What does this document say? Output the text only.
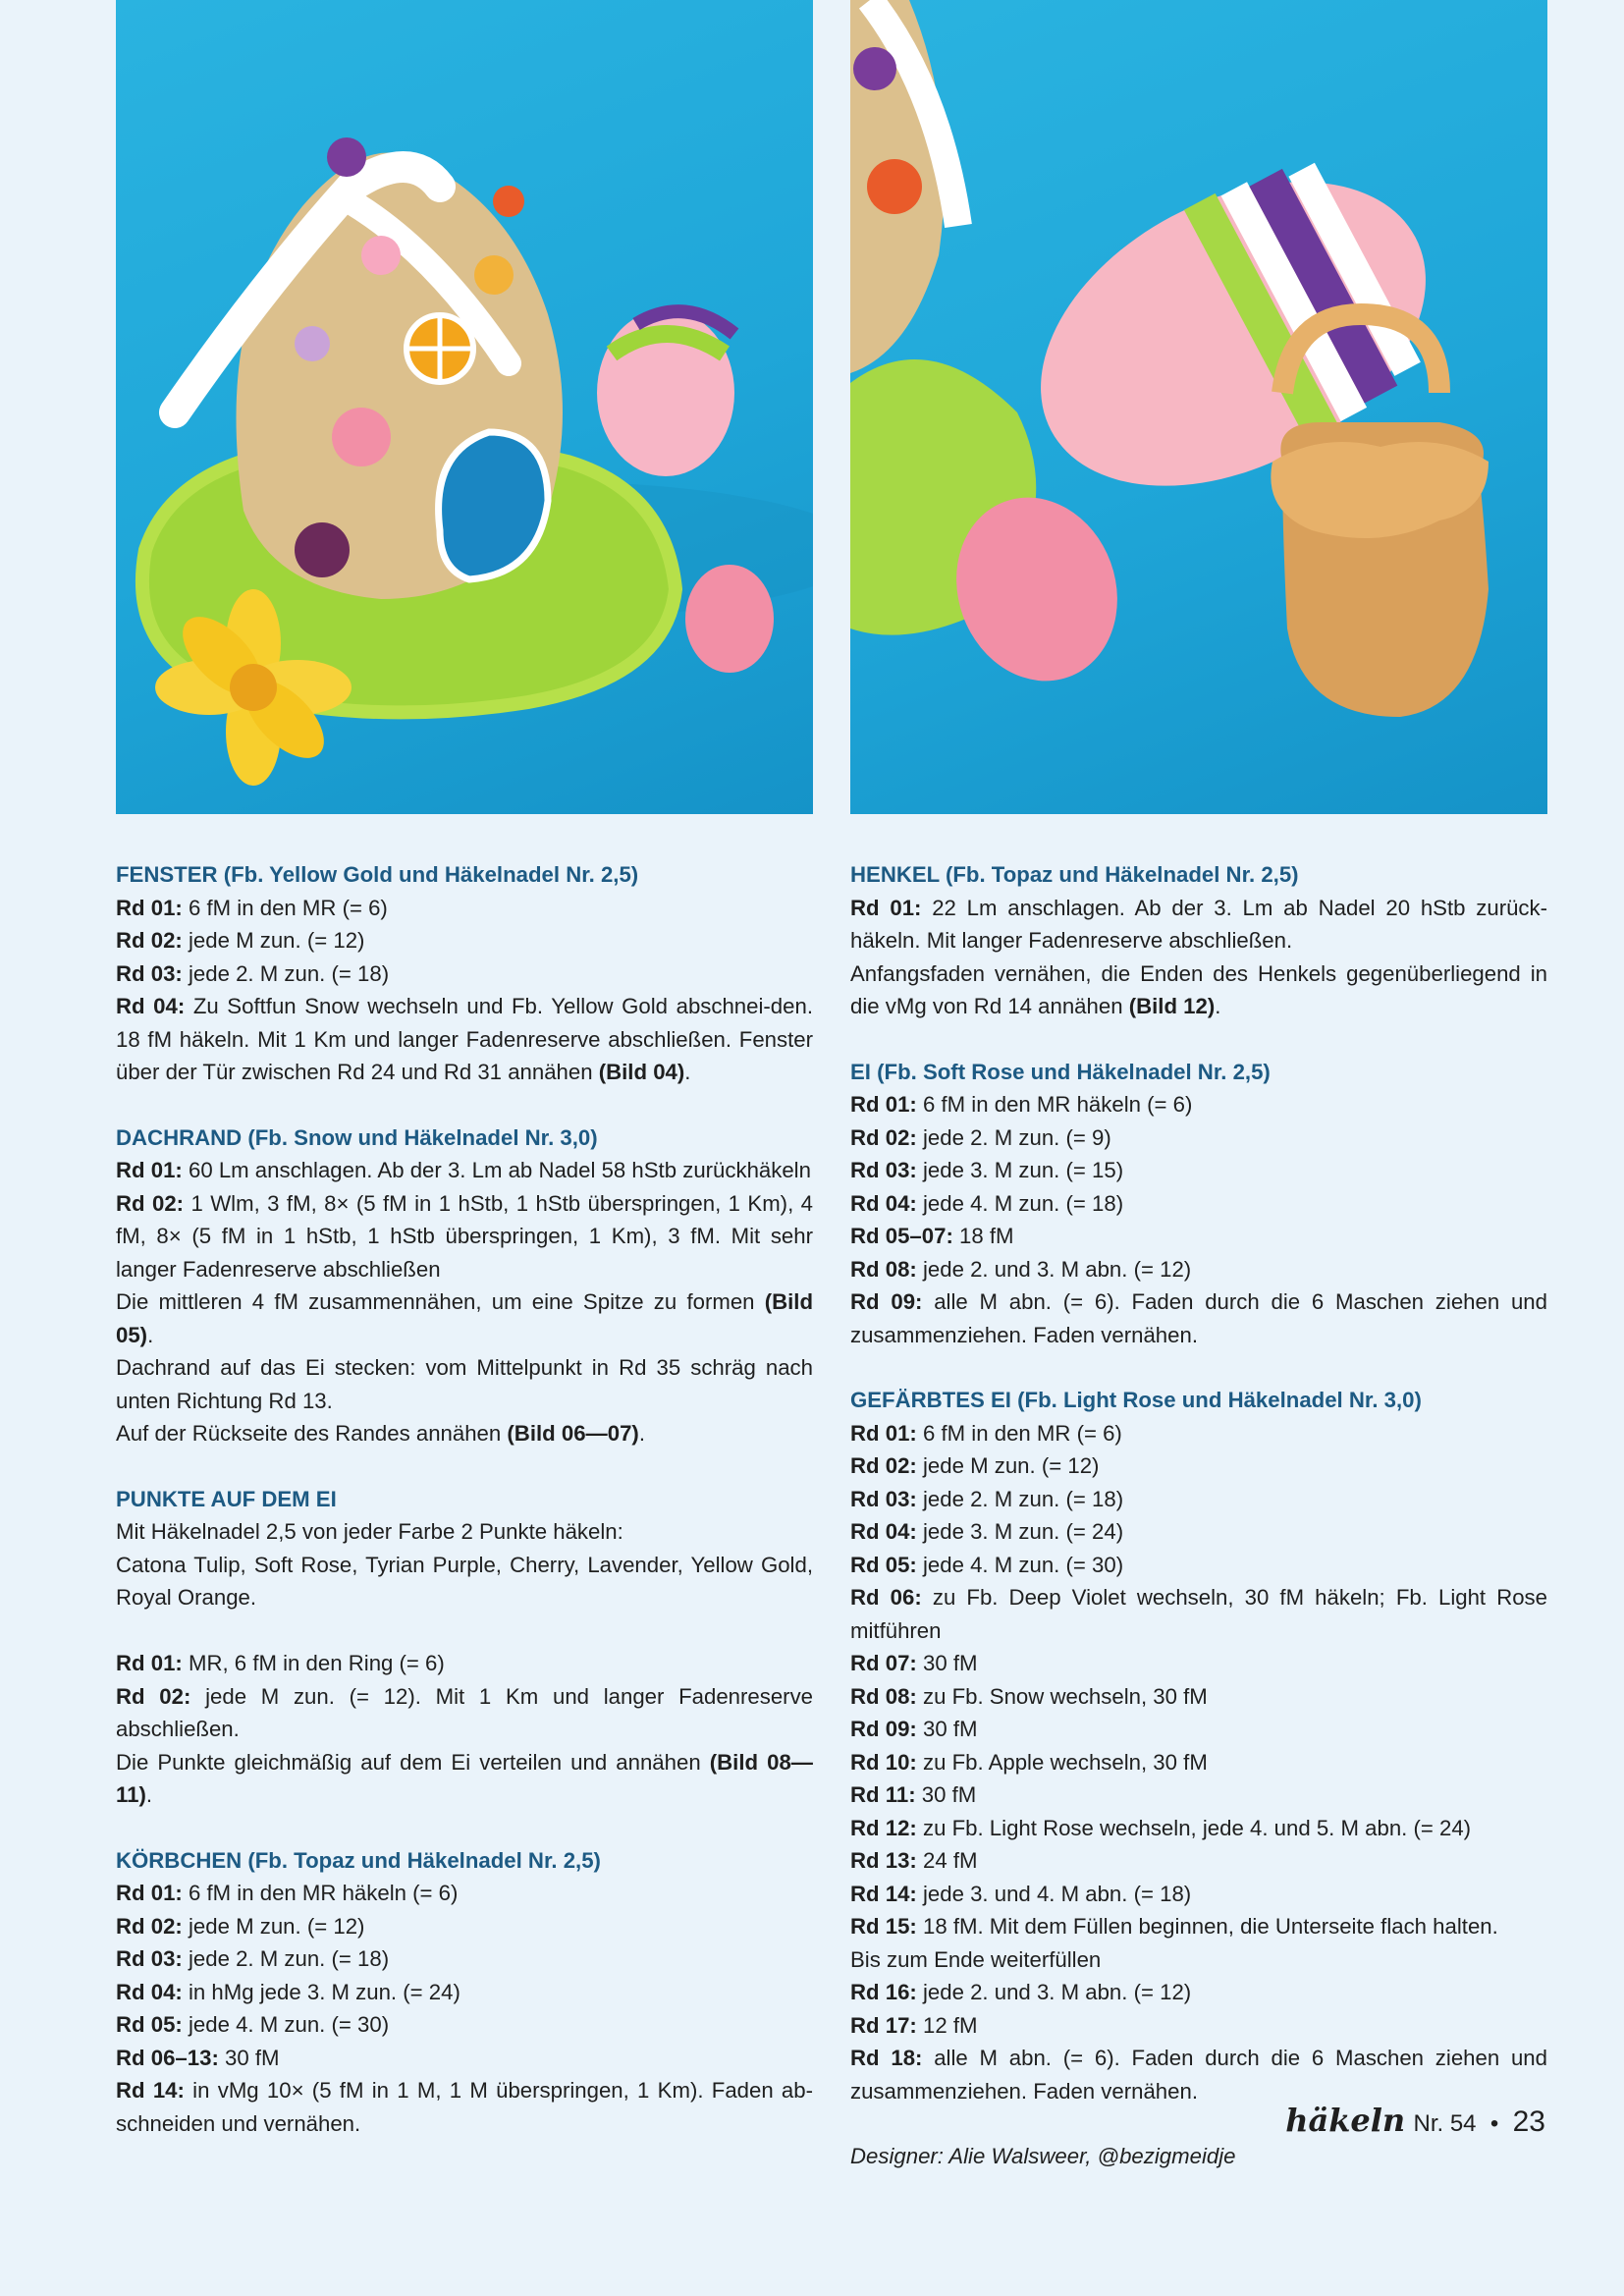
FENSTER (Fb. Yellow Gold und Häkelnadel Nr. 2,5)
Rd 01: 6 fM in den MR (= 6)
Rd 02: jede M zun. (= 12)
Rd 03: jede 2. M zun. (= 18)
Rd 04: Zu Softfun Snow wechseln und Fb. Yellow Gold abschnei-den. 18 fM häkeln. Mit 1 Km und langer Fadenreserve abschließen. Fenster über der Tür zwischen Rd 24 und Rd 31 annähen (Bild 04).
DACHRAND (Fb. Snow und Häkelnadel Nr. 3,0)
Rd 01: 60 Lm anschlagen. Ab der 3. Lm ab Nadel 58 hStb zurückhäkeln
Rd 02: 1 Wlm, 3 fM, 8× (5 fM in 1 hStb, 1 hStb überspringen, 1 Km), 4 fM, 8× (5 fM in 1 hStb, 1 hStb überspringen, 1 Km), 3 fM. Mit sehr langer Fadenreserve abschließen
Die mittleren 4 fM zusammennähen, um eine Spitze zu formen (Bild 05).
Dachrand auf das Ei stecken: vom Mittelpunkt in Rd 35 schräg nach unten Richtung Rd 13.
Auf der Rückseite des Randes annähen (Bild 06—07).
PUNKTE AUF DEM EI
Mit Häkelnadel 2,5 von jeder Farbe 2 Punkte häkeln:
Catona Tulip, Soft Rose, Tyrian Purple, Cherry, Lavender, Yellow Gold, Royal Orange.

Rd 01: MR, 6 fM in den Ring (= 6)
Rd 02: jede M zun. (= 12). Mit 1 Km und langer Fadenreserve abschließen.
Die Punkte gleichmäßig auf dem Ei verteilen und annähen (Bild 08—11).
KÖRBCHEN (Fb. Topaz und Häkelnadel Nr. 2,5)
Rd 01: 6 fM in den MR häkeln (= 6)
Rd 02: jede M zun. (= 12)
Rd 03: jede 2. M zun. (= 18)
Rd 04: in hMg jede 3. M zun. (= 24)
Rd 05: jede 4. M zun. (= 30)
Rd 06–13: 30 fM
Rd 14: in vMg 10× (5 fM in 1 M, 1 M überspringen, 1 Km). Faden ab-schneiden und vernähen.
HENKEL (Fb. Topaz und Häkelnadel Nr. 2,5)
Rd 01: 22 Lm anschlagen. Ab der 3. Lm ab Nadel 20 hStb zurück-häkeln. Mit langer Fadenreserve abschließen.
Anfangsfaden vernähen, die Enden des Henkels gegenüberliegend in die vMg von Rd 14 annähen (Bild 12).
EI (Fb. Soft Rose und Häkelnadel Nr. 2,5)
Rd 01: 6 fM in den MR häkeln (= 6)
Rd 02: jede 2. M zun. (= 9)
Rd 03: jede 3. M zun. (= 15)
Rd 04: jede 4. M zun. (= 18)
Rd 05–07: 18 fM
Rd 08: jede 2. und 3. M abn. (= 12)
Rd 09: alle M abn. (= 6). Faden durch die 6 Maschen ziehen und zusammenziehen. Faden vernähen.
GEFÄRBTES EI (Fb. Light Rose und Häkelnadel Nr. 3,0)
Rd 01: 6 fM in den MR (= 6)
Rd 02: jede M zun. (= 12)
Rd 03: jede 2. M zun. (= 18)
Rd 04: jede 3. M zun. (= 24)
Rd 05: jede 4. M zun. (= 30)
Rd 06: zu Fb. Deep Violet wechseln, 30 fM häkeln; Fb. Light Rose mitführen
Rd 07: 30 fM
Rd 08: zu Fb. Snow wechseln, 30 fM
Rd 09: 30 fM
Rd 10: zu Fb. Apple wechseln, 30 fM
Rd 11: 30 fM
Rd 12: zu Fb. Light Rose wechseln, jede 4. und 5. M abn. (= 24)
Rd 13: 24 fM
Rd 14: jede 3. und 4. M abn. (= 18)
Rd 15: 18 fM. Mit dem Füllen beginnen, die Unterseite flach halten.
Bis zum Ende weiterfüllen
Rd 16: jede 2. und 3. M abn. (= 12)
Rd 17: 12 fM
Rd 18: alle M abn. (= 6). Faden durch die 6 Maschen ziehen und zusammenziehen. Faden vernähen.
Designer: Alie Walsweer, @bezigmeidje
häkeln Nr. 54 • 23
